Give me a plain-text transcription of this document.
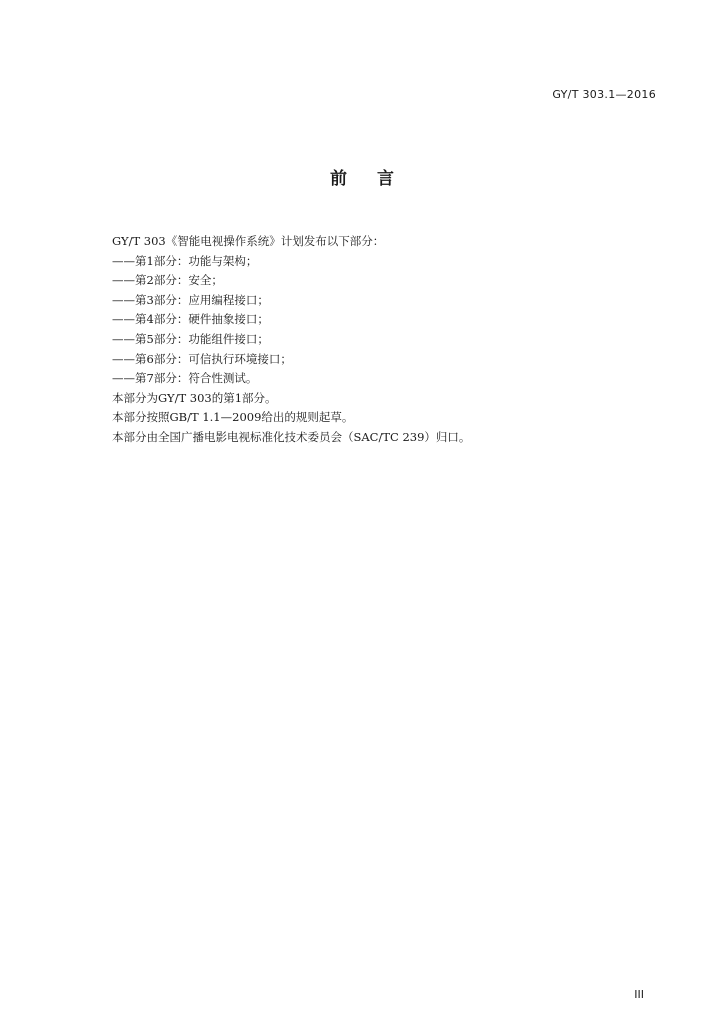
GY/T 303.1—2016
前言

GY/T 303《智能电视操作系统》计划发布以下部分：

——第1部分：功能与架构；
——第2部分：安全；
——第3部分：应用编程接口；
——第4部分：硬件抽象接口；
——第5部分：功能组件接口；
——第6部分：可信执行环境接口；
——第7部分：符合性测试。

本部分为GY/T 303的第1部分。

本部分按照GB/T 1.1—2009给出的规则起草。

本部分由全国广播电影电视标准化技术委员会（SAC/TC 239）归口。

III
